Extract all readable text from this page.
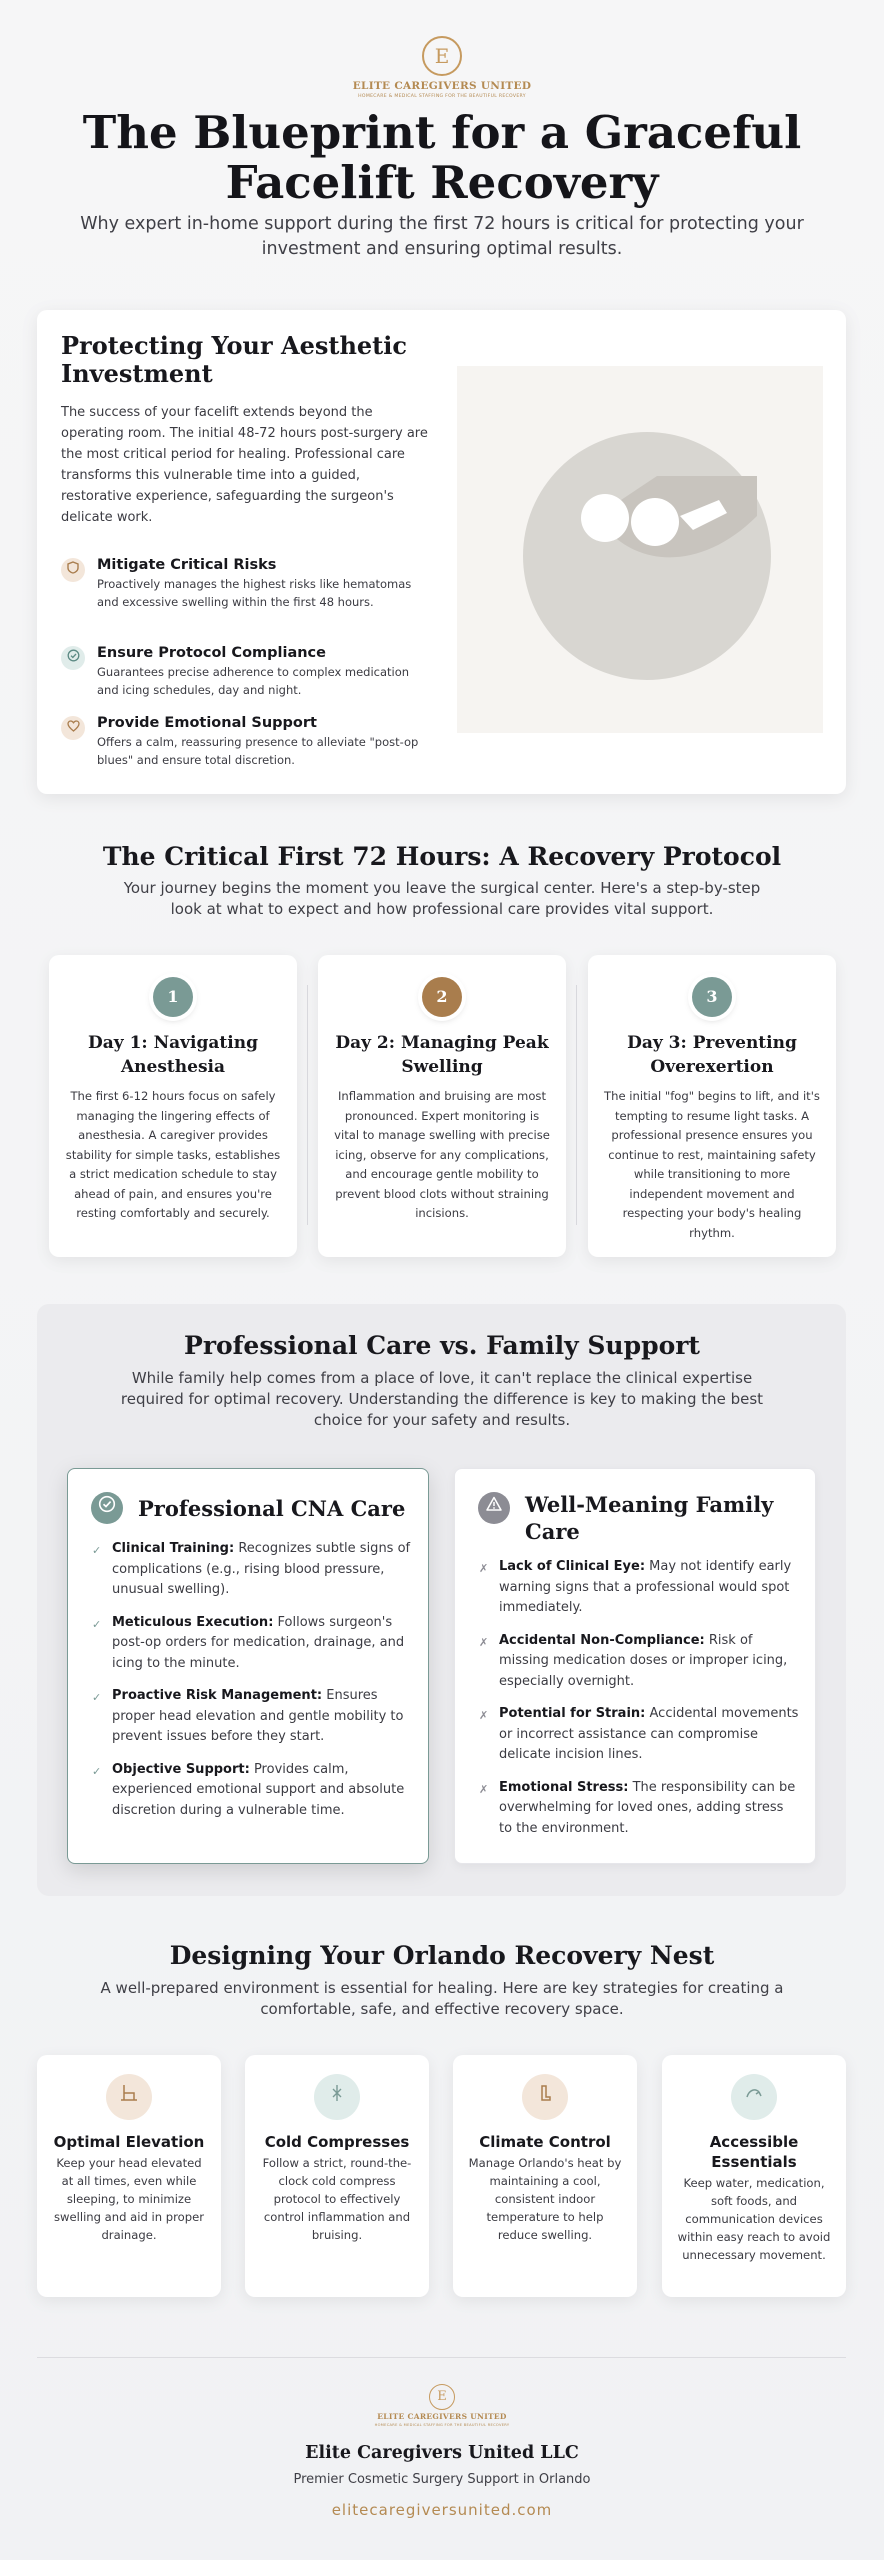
E
ELITE CAREGIVERS UNITED
HOMECARE & MEDICAL STAFFING FOR THE BEAUTIFUL RECOVERY
The Blueprint for a Graceful Facelift Recovery

Why expert in-home support during the first 72 hours is critical for protecting your investment and ensuring optimal results.

Protecting Your Aesthetic Investment

The success of your facelift extends beyond the operating room. The initial 48-72 hours post-surgery are the most critical period for healing. Professional care transforms this vulnerable time into a guided, restorative experience, safeguarding the surgeon's delicate work.

Mitigate Critical Risks
Proactively manages the highest risks like hematomas and excessive swelling within the first 48 hours.
Ensure Protocol Compliance
Guarantees precise adherence to complex medication and icing schedules, day and night.
Provide Emotional Support
Offers a calm, reassuring presence to alleviate "post-op blues" and ensure total discretion.
The Critical First 72 Hours: A Recovery Protocol

Your journey begins the moment you leave the surgical center. Here's a step-by-step look at what to expect and how professional care provides vital support.

1
Day 1: Navigating Anesthesia

The first 6-12 hours focus on safely managing the lingering effects of anesthesia. A caregiver provides stability for simple tasks, establishes a strict medication schedule to stay ahead of pain, and ensures you're resting comfortably and securely.

2
Day 2: Managing Peak Swelling

Inflammation and bruising are most pronounced. Expert monitoring is vital to manage swelling with precise icing, observe for any complications, and encourage gentle mobility to prevent blood clots without straining incisions.

3
Day 3: Preventing Overexertion

The initial "fog" begins to lift, and it's tempting to resume light tasks. A professional presence ensures you continue to rest, maintaining safety while transitioning to more independent movement and respecting your body's healing rhythm.

Professional Care vs. Family Support

While family help comes from a place of love, it can't replace the clinical expertise required for optimal recovery. Understanding the difference is key to making the best choice for your safety and results.

Professional CNA Care
✓ Clinical Training: Recognizes subtle signs of complications (e.g., rising blood pressure, unusual swelling).
✓ Meticulous Execution: Follows surgeon's post-op orders for medication, drainage, and icing to the minute.
✓ Proactive Risk Management: Ensures proper head elevation and gentle mobility to prevent issues before they start.
✓ Objective Support: Provides calm, experienced emotional support and absolute discretion during a vulnerable time.
Well-Meaning Family Care
✗ Lack of Clinical Eye: May not identify early warning signs that a professional would spot immediately.
✗ Accidental Non-Compliance: Risk of missing medication doses or improper icing, especially overnight.
✗ Potential for Strain: Accidental movements or incorrect assistance can compromise delicate incision lines.
✗ Emotional Stress: The responsibility can be overwhelming for loved ones, adding stress to the environment.
Designing Your Orlando Recovery Nest

A well-prepared environment is essential for healing. Here are key strategies for creating a comfortable, safe, and effective recovery space.

Optimal Elevation

Keep your head elevated at all times, even while sleeping, to minimize swelling and aid in proper drainage.

Cold Compresses

Follow a strict, round-the-clock cold compress protocol to effectively control inflammation and bruising.

Climate Control

Manage Orlando's heat by maintaining a cool, consistent indoor temperature to help reduce swelling.

Accessible Essentials

Keep water, medication, soft foods, and communication devices within easy reach to avoid unnecessary movement.

E
ELITE CAREGIVERS UNITED
HOMECARE & MEDICAL STAFFING FOR THE BEAUTIFUL RECOVERY
Elite Caregivers United LLC
Premier Cosmetic Surgery Support in Orlando
elitecaregiversunited.com
